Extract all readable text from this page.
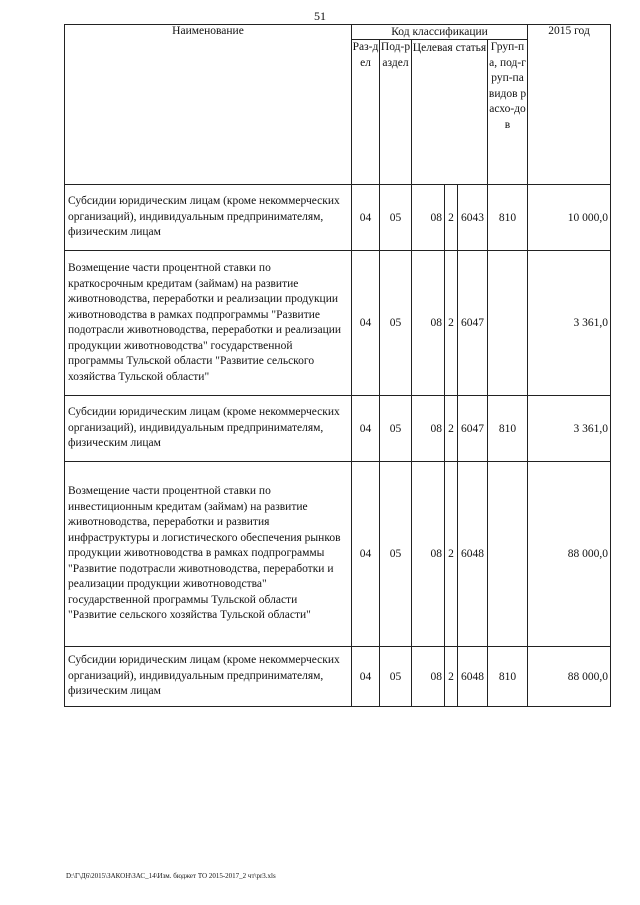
51
Наименование	Код классификации						2015 год
	Раз-дел	Под-раздел	Целевая статья			Груп-па, под-груп-па видов расхо-дов	
Субсидии юридическим лицам (кроме некоммерческих организаций), индивидуальным предпринимателям, физическим лицам	04	05	08	2	6043	810	10 000,0
Возмещение части процентной ставки по краткосрочным кредитам (займам) на развитие животноводства, переработки и реализации продукции животноводства в рамках подпрограммы "Развитие подотрасли животноводства, переработки и реализации продукции животноводства" государственной программы Тульской области "Развитие сельского хозяйства Тульской области"	04	05	08	2	6047		3 361,0
Субсидии юридическим лицам (кроме некоммерческих организаций), индивидуальным предпринимателям, физическим лицам	04	05	08	2	6047	810	3 361,0
Возмещение части процентной ставки по инвестиционным кредитам (займам) на развитие животноводства, переработки и развития инфраструктуры и логистического обеспечения рынков продукции животноводства в рамках подпрограммы "Развитие подотрасли животноводства, переработки и реализации продукции животноводства" государственной программы Тульской области "Развитие сельского хозяйства Тульской области"	04	05	08	2	6048		88 000,0
Субсидии юридическим лицам (кроме некоммерческих организаций), индивидуальным предпринимателям, физическим лицам	04	05	08	2	6048	810	88 000,0
D:\Г\Д6\2015\ЗАКОН\ЗАС_14\Изм. бюджет ТО 2015-2017_2 чт\pr3.xls
